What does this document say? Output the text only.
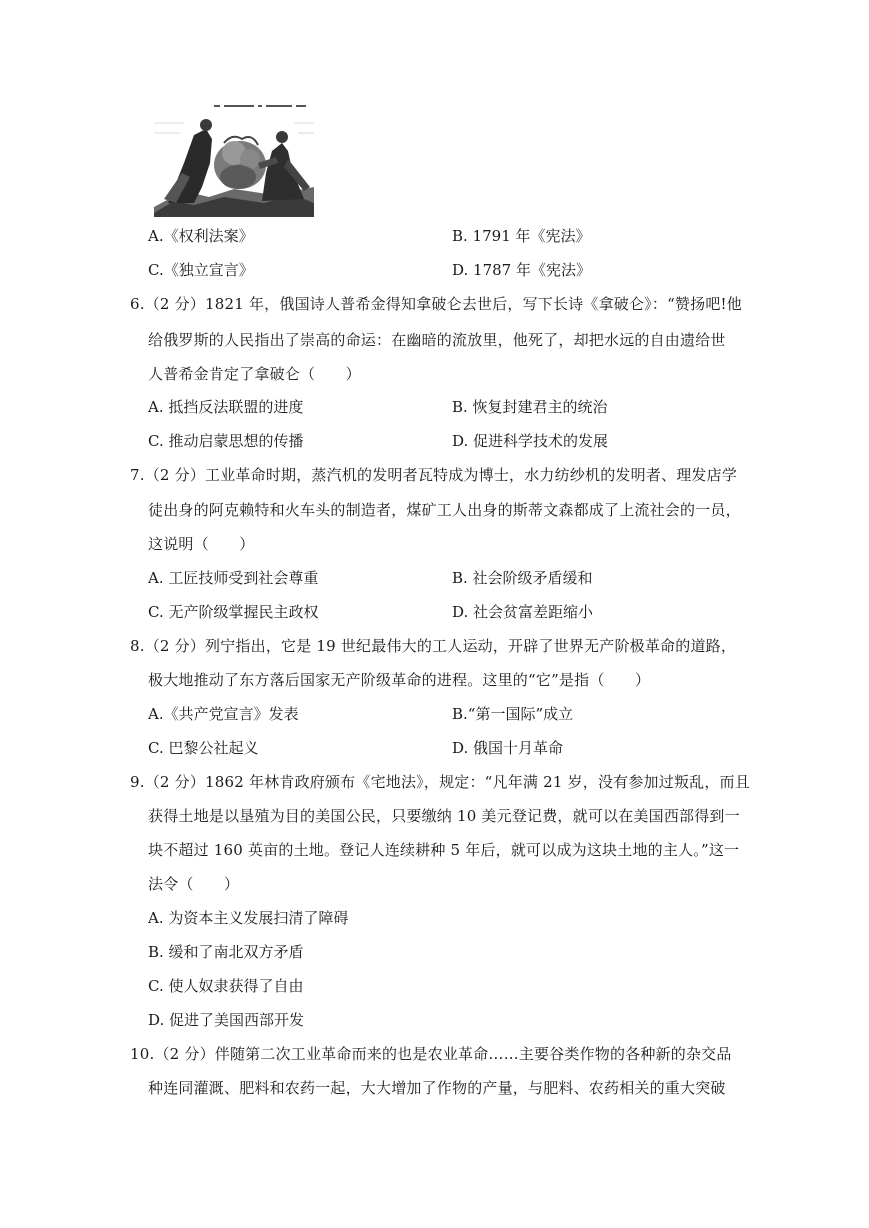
A.《权利法案》	B. 1791 年《宪法》
C.《独立宣言》	D. 1787 年《宪法》
6.（2 分）1821 年，俄国诗人普希金得知拿破仑去世后，写下长诗《拿破仑》：“赞扬吧!他
给俄罗斯的人民指出了崇高的命运：在幽暗的流放里，他死了，却把水远的自由遗给世
人普希金肯定了拿破仑（　　）
A. 抵挡反法联盟的进度	B. 恢复封建君主的统治
C. 推动启蒙思想的传播	D. 促进科学技术的发展
7.（2 分）工业革命时期，蒸汽机的发明者瓦特成为博士，水力纺纱机的发明者、理发店学
徒出身的阿克赖特和火车头的制造者，煤矿工人出身的斯蒂文森都成了上流社会的一员，
这说明（　　）
A. 工匠技师受到社会尊重	B. 社会阶级矛盾缓和
C. 无产阶级掌握民主政权	D. 社会贫富差距缩小
8.（2 分）列宁指出，它是 19 世纪最伟大的工人运动，开辟了世界无产阶极革命的道路，
极大地推动了东方落后国家无产阶级革命的进程。这里的“它”是指（　　）
A.《共产党宣言》发表	B.“第一国际”成立
C. 巴黎公社起义	D. 俄国十月革命
9.（2 分）1862 年林肯政府颁布《宅地法》，规定：“凡年满 21 岁，没有参加过叛乱，而且
获得土地是以垦殖为目的美国公民，只要缴纳 10 美元登记费，就可以在美国西部得到一
块不超过 160 英亩的土地。登记人连续耕种 5 年后，就可以成为这块土地的主人。”这一
法令（　　）
A. 为资本主义发展扫清了障碍
B. 缓和了南北双方矛盾
C. 使人奴隶获得了自由
D. 促进了美国西部开发
10.（2 分）伴随第二次工业革命而来的也是农业革命……主要谷类作物的各种新的杂交品
种连同灌溉、肥料和农药一起，大大增加了作物的产量，与肥料、农药相关的重大突破
